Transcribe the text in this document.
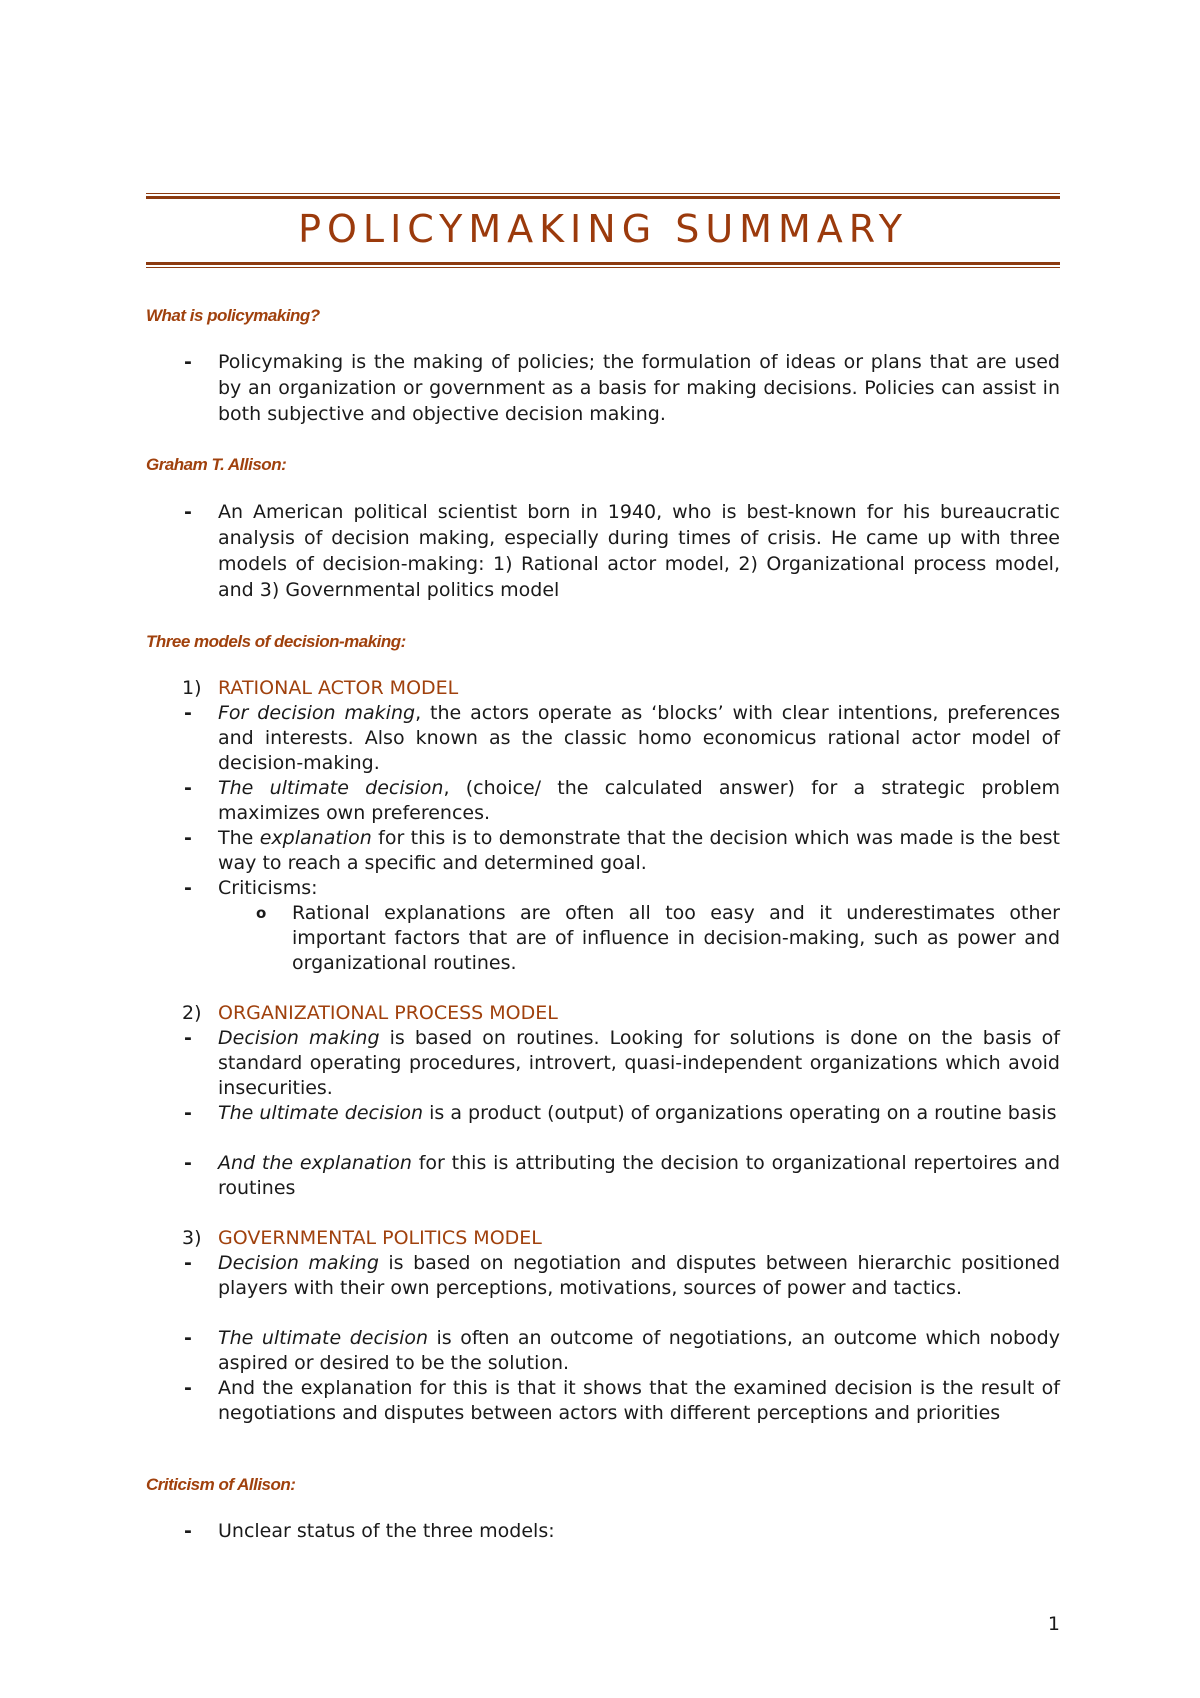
POLICYMAKING SUMMARY
What is policymaking?
-	Policymaking is the making of policies; the formulation of ideas or plans that are used by an organization or government as a basis for making decisions. Policies can assist in both subjective and objective decision making.
Graham T. Allison:
-	An American political scientist born in 1940, who is best-known for his bureaucratic analysis of decision making, especially during times of crisis. He came up with three models of decision-making: 1) Rational actor model, 2) Organizational process model, and 3) Governmental politics model
Three models of decision-making:
1) RATIONAL ACTOR MODEL
-	For decision making, the actors operate as ‘blocks’ with clear intentions, preferences and interests. Also known as the classic homo economicus rational actor model of decision-making.
-	The ultimate decision, (choice/ the calculated answer) for a strategic problem maximizes own preferences.
-	The explanation for this is to demonstrate that the decision which was made is the best way to reach a specific and determined goal.
-	Criticisms:
o	Rational explanations are often all too easy and it underestimates other important factors that are of influence in decision-making, such as power and organizational routines.
2) ORGANIZATIONAL PROCESS MODEL
-	Decision making is based on routines. Looking for solutions is done on the basis of standard operating procedures, introvert, quasi-independent organizations which avoid insecurities.
-	The ultimate decision is a product (output) of organizations operating on a routine basis
-	And the explanation for this is attributing the decision to organizational repertoires and routines
3) GOVERNMENTAL POLITICS MODEL
-	Decision making is based on negotiation and disputes between hierarchic positioned players with their own perceptions, motivations, sources of power and tactics.
-	The ultimate decision is often an outcome of negotiations, an outcome which nobody aspired or desired to be the solution.
-	And the explanation for this is that it shows that the examined decision is the result of negotiations and disputes between actors with different perceptions and priorities
Criticism of Allison:
-	Unclear status of the three models:
1
